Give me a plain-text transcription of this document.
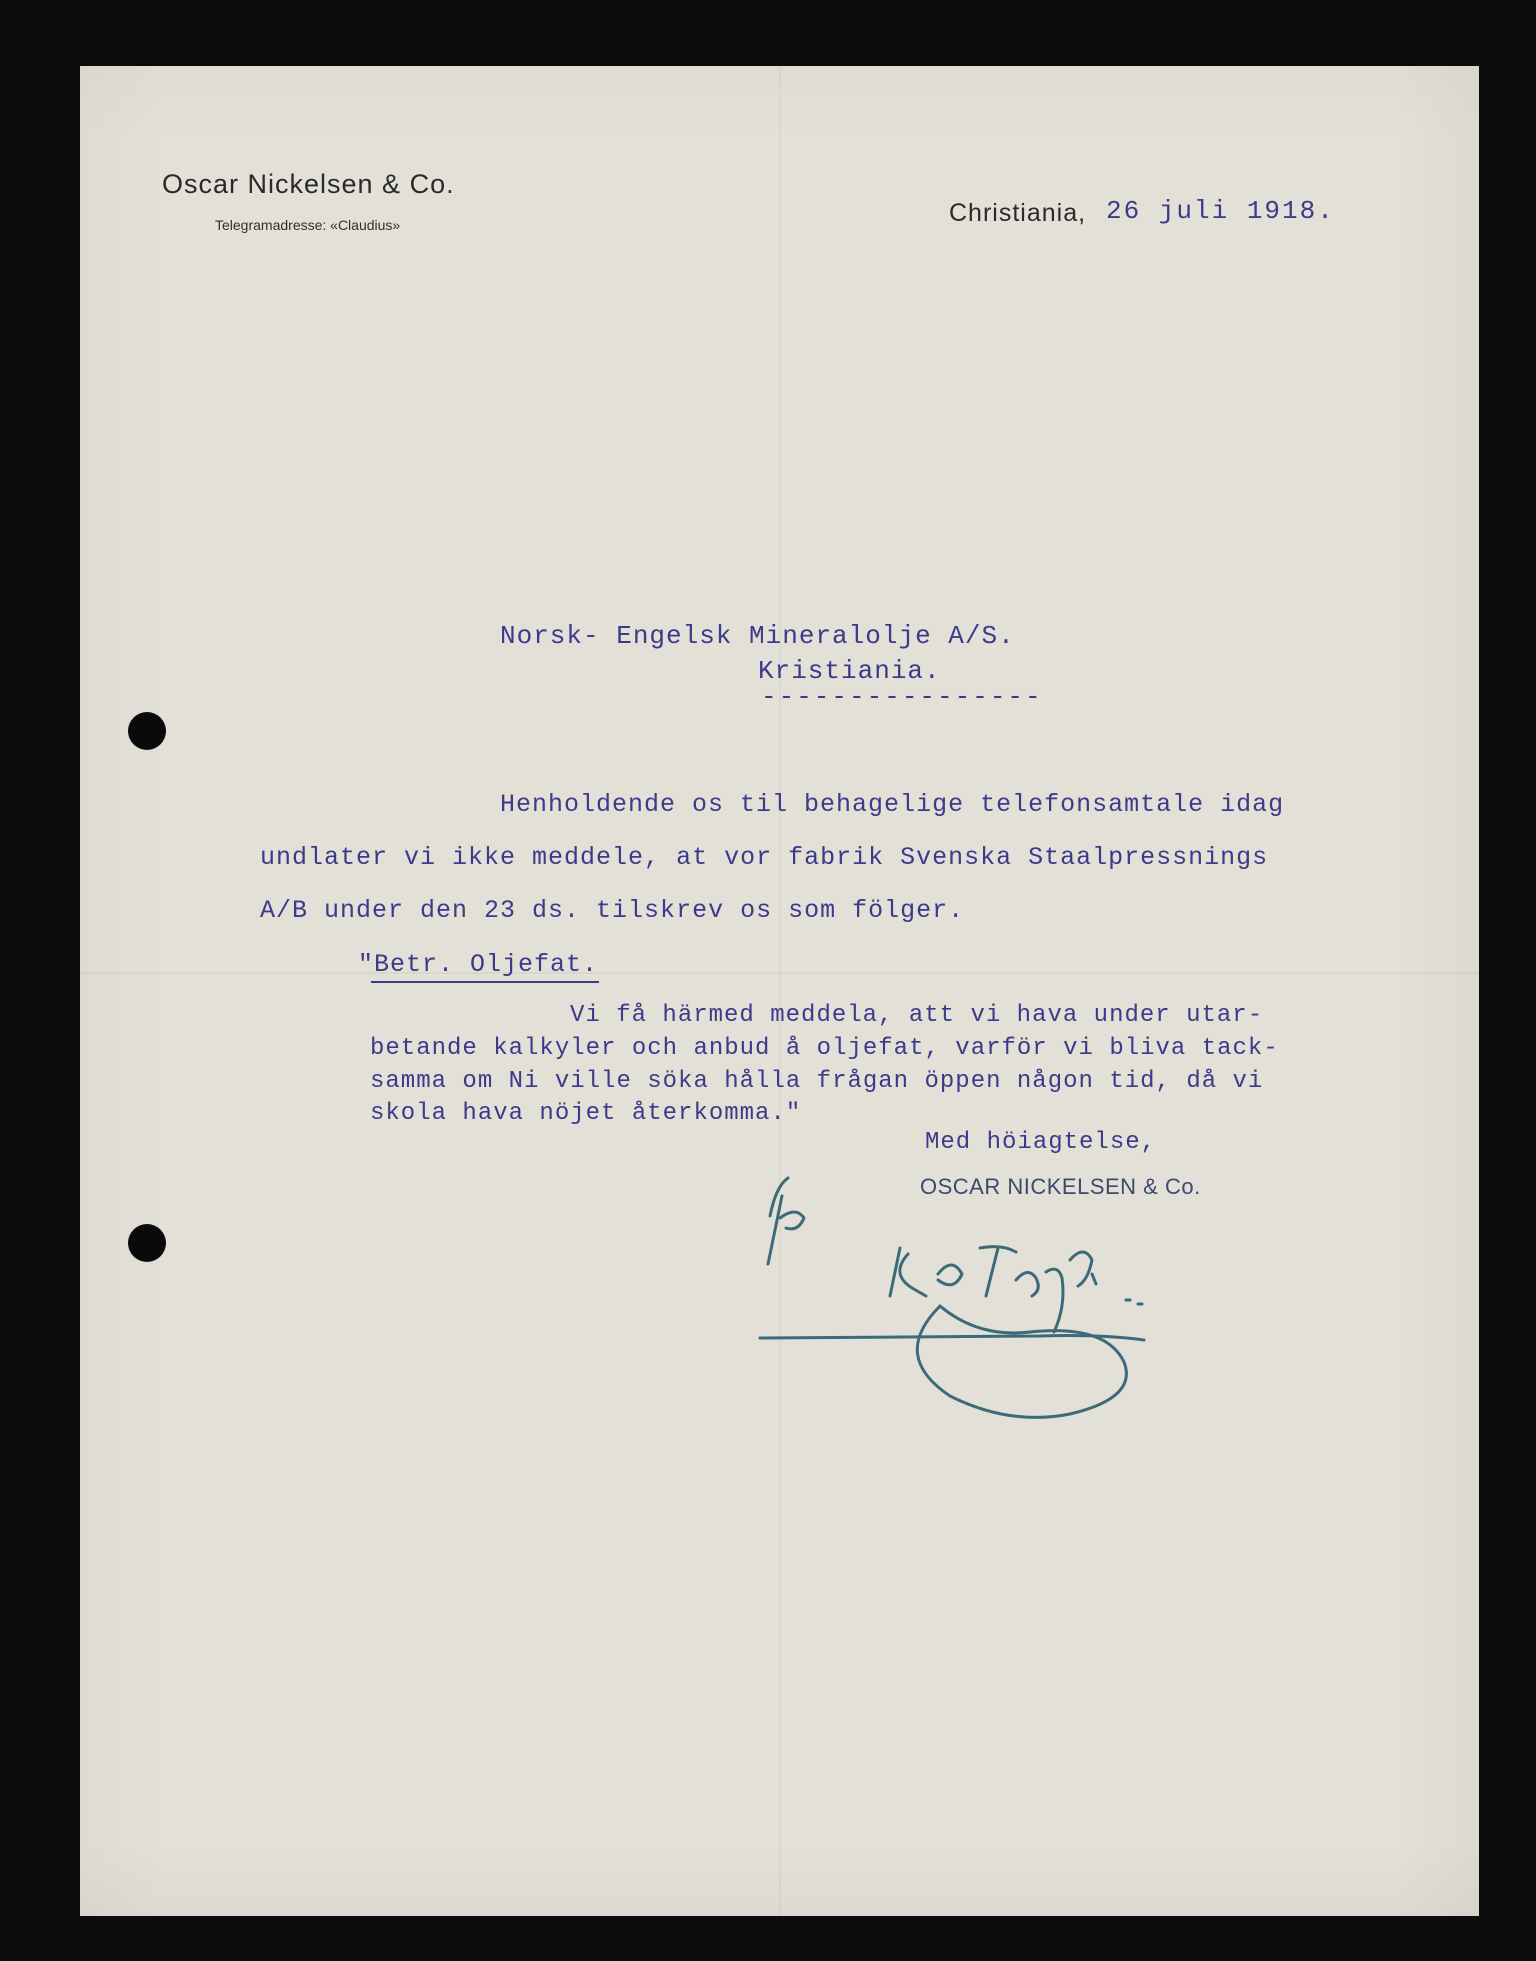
Oscar Nickelsen & Co.
Telegramadresse: «Claudius»	Christiania, 26 juli 1918.
Norsk- Engelsk Mineralolje A/S.
Kristiania.
----------------
Henholdende os til behagelige telefonsamtale idag
undlater vi ikke meddele, at vor fabrik Svenska Staalpressnings
A/B under den 23 ds. tilskrev os som fölger.
"Betr. Oljefat.
Vi få härmed meddela, att vi hava under utar-
betande kalkyler och anbud å oljefat, varför vi bliva tack-
samma om Ni ville söka hålla frågan öppen någon tid, då vi
skola hava nöjet återkomma."
Med höiagtelse,
OSCAR NICKELSEN & Co.
